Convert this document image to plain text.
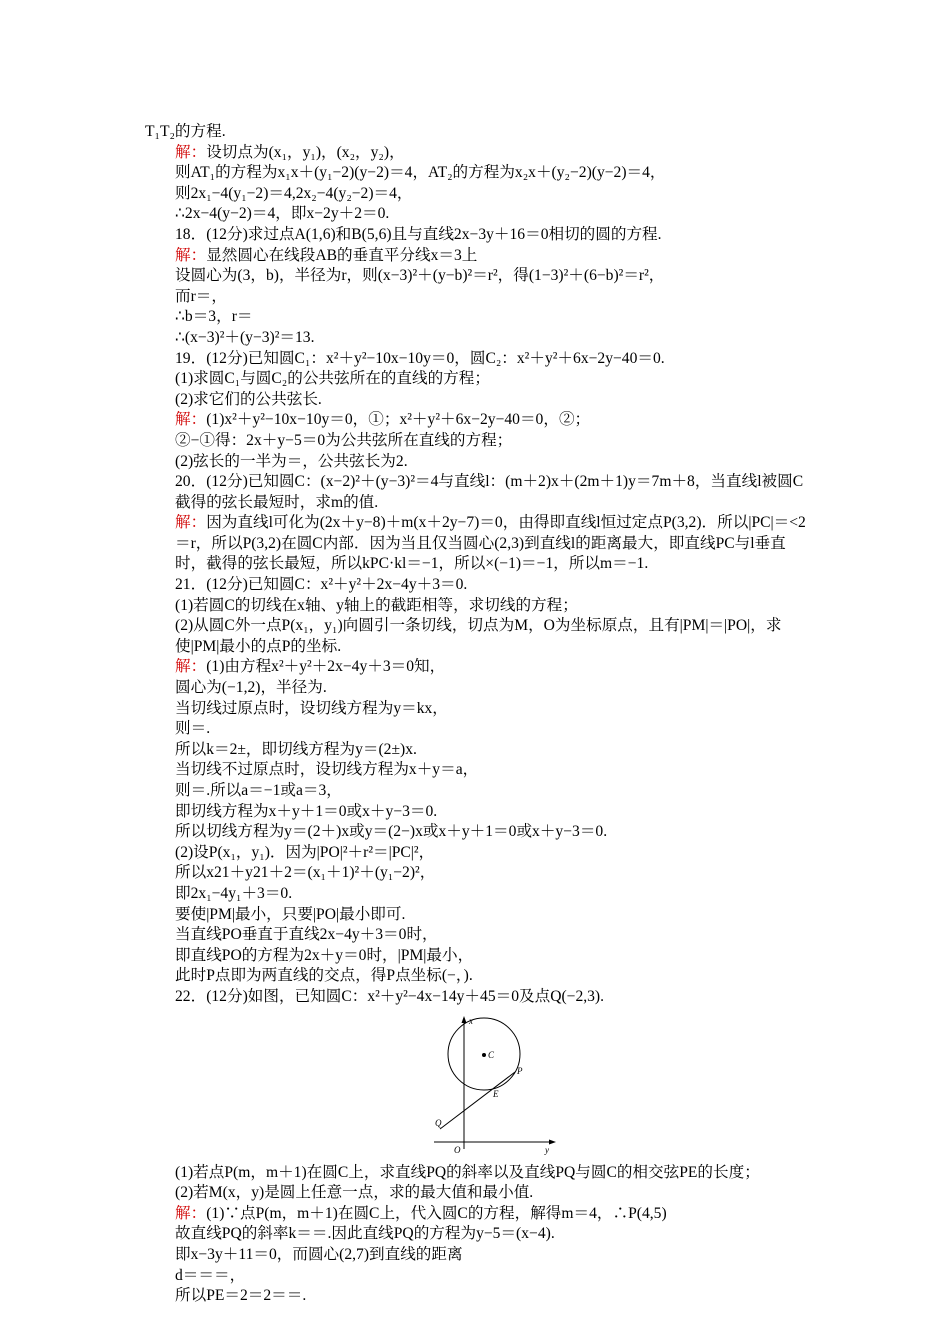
T₁T₂的方程.
解：设切点为(x₁，y₁)，(x₂，y₂)，
则AT₁的方程为x₁x＋(y₁−2)(y−2)＝4，AT₂的方程为x₂x＋(y₂−2)(y−2)＝4，
则2x₁−4(y₁−2)＝4,2x₂−4(y₂−2)＝4，
∴2x−4(y−2)＝4，即x−2y＋2＝0.
18．(12分)求过点A(1,6)和B(5,6)且与直线2x−3y＋16＝0相切的圆的方程.
解：显然圆心在线段AB的垂直平分线x＝3上
设圆心为(3，b)，半径为r，则(x−3)²＋(y−b)²＝r²，得(1−3)²＋(6−b)²＝r²，
而r＝，
∴b＝3，r＝
∴(x−3)²＋(y−3)²＝13.
19．(12分)已知圆C₁：x²＋y²−10x−10y＝0，圆C₂：x²＋y²＋6x−2y−40＝0.
(1)求圆C₁与圆C₂的公共弦所在的直线的方程；
(2)求它们的公共弦长.
解：(1)x²＋y²−10x−10y＝0，①；x²＋y²＋6x−2y−40＝0，②；
②−①得：2x＋y−5＝0为公共弦所在直线的方程；
(2)弦长的一半为＝，公共弦长为2.
20．(12分)已知圆C：(x−2)²＋(y−3)²＝4与直线l：(m＋2)x＋(2m＋1)y＝7m＋8，当直线l被圆C截得的弦长最短时，求m的值.
解：因为直线l可化为(2x＋y−8)＋m(x＋2y−7)＝0，由得即直线l恒过定点P(3,2)．所以|PC|＝<2＝r，所以P(3,2)在圆C内部．因为当且仅当圆心(2,3)到直线l的距离最大，即直线PC与l垂直时，截得的弦长最短，所以kPC·kl＝−1，所以×(−1)＝−1，所以m＝−1.
21．(12分)已知圆C：x²＋y²＋2x−4y＋3＝0.
(1)若圆C的切线在x轴、y轴上的截距相等，求切线的方程；
(2)从圆C外一点P(x₁，y₁)向圆引一条切线，切点为M，O为坐标原点，且有|PM|＝|PO|，求使|PM|最小的点P的坐标.
解：(1)由方程x²＋y²＋2x−4y＋3＝0知，
圆心为(−1,2)，半径为.
当切线过原点时，设切线方程为y＝kx，
则＝.
所以k＝2±，即切线方程为y＝(2±)x.
当切线不过原点时，设切线方程为x＋y＝a，
则＝.所以a＝−1或a＝3，
即切线方程为x＋y＋1＝0或x＋y−3＝0.
所以切线方程为y＝(2＋)x或y＝(2−)x或x＋y＋1＝0或x＋y−3＝0.
(2)设P(x₁，y₁)．因为|PO|²＋r²＝|PC|²，
所以x21＋y21＋2＝(x₁＋1)²＋(y₁−2)²，
即2x₁−4y₁＋3＝0.
要使|PM|最小，只要|PO|最小即可.
当直线PO垂直于直线2x−4y＋3＝0时，
即直线PO的方程为2x＋y＝0时，|PM|最小，
此时P点即为两直线的交点，得P点坐标(−，).
22．(12分)如图，已知圆C：x²＋y²−4x−14y＋45＝0及点Q(−2,3).
x
y
O
C
P
E
Q
(1)若点P(m，m＋1)在圆C上，求直线PQ的斜率以及直线PQ与圆C的相交弦PE的长度；
(2)若M(x，y)是圆上任意一点，求的最大值和最小值.
解：(1)∵点P(m，m＋1)在圆C上，代入圆C的方程，解得m＝4，∴P(4,5)
故直线PQ的斜率k＝＝.因此直线PQ的方程为y−5＝(x−4).
即x−3y＋11＝0，而圆心(2,7)到直线的距离
d＝＝＝，
所以PE＝2＝2＝＝.
